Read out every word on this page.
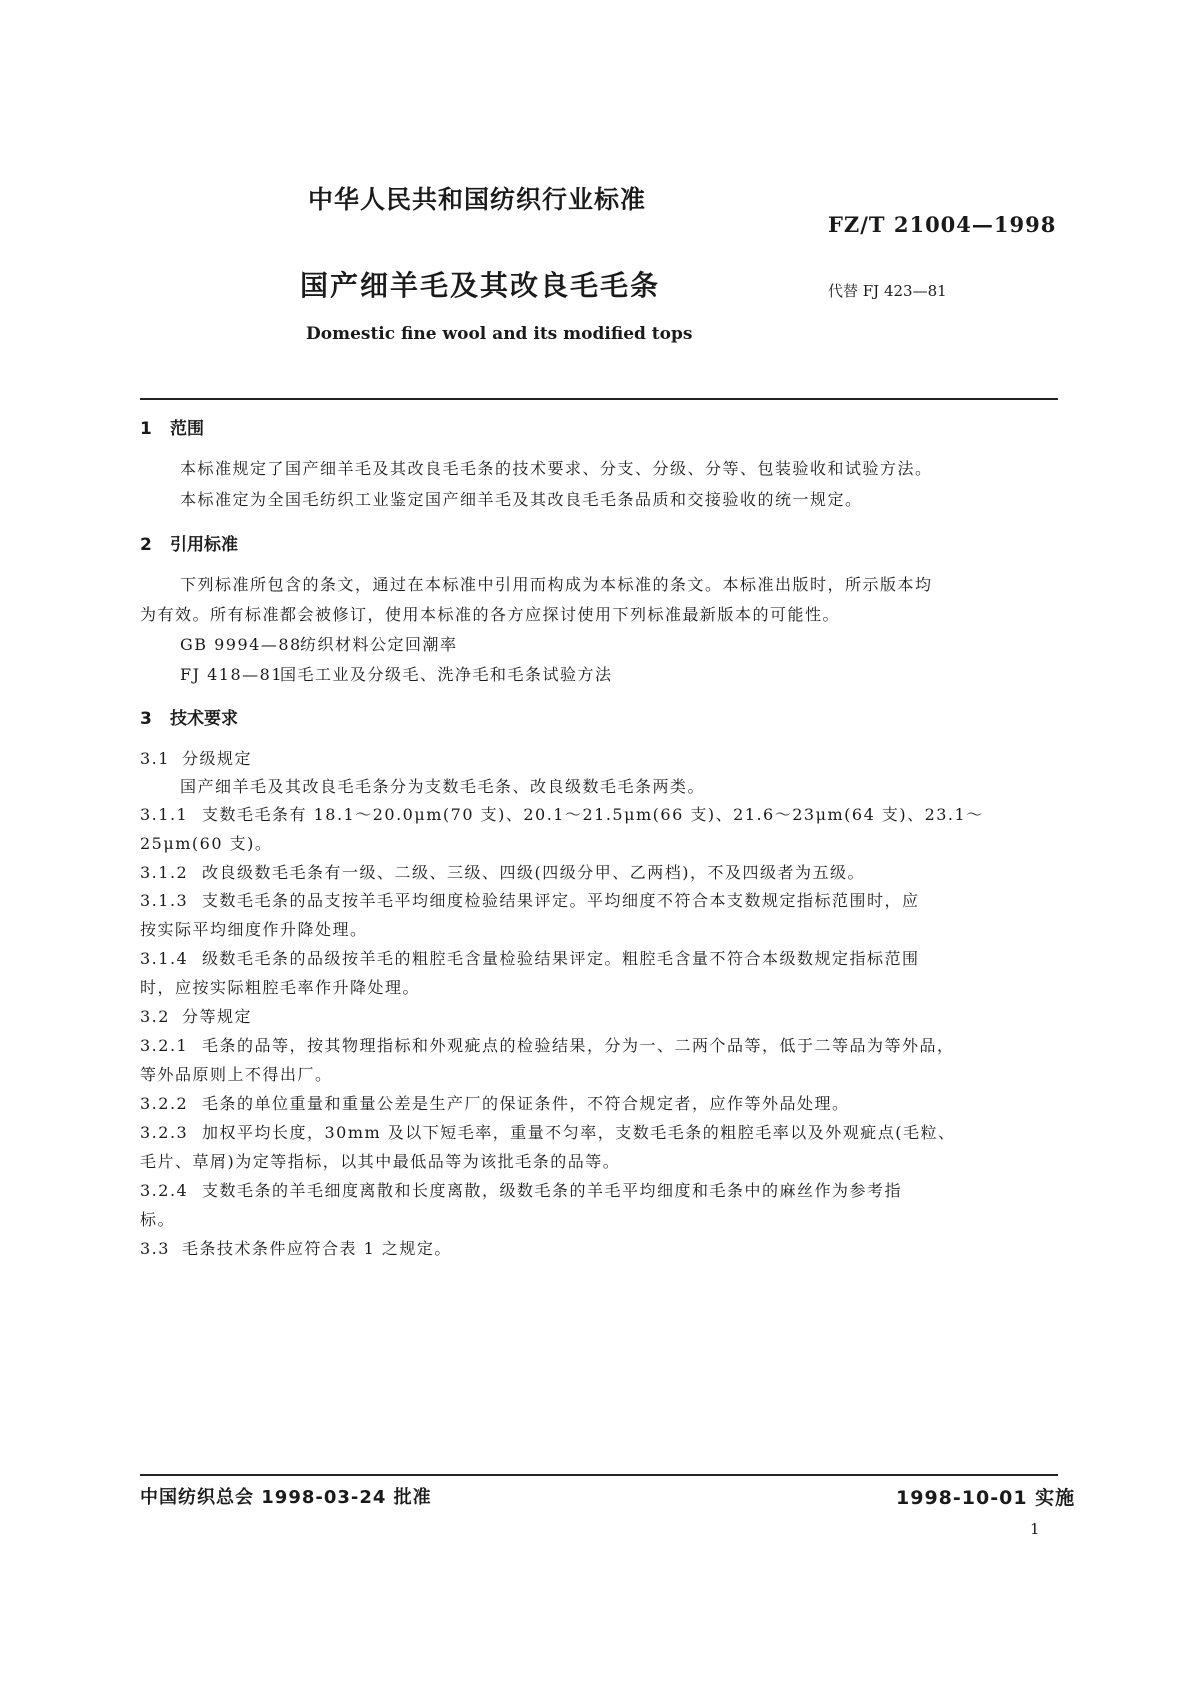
中华人民共和国纺织行业标准
FZ/T 21004—1998
国产细羊毛及其改良毛毛条	代替 FJ 423—81
Domestic fine wool and its modified tops
1 范围
本标准规定了国产细羊毛及其改良毛毛条的技术要求、分支、分级、分等、包装验收和试验方法。
本标准定为全国毛纺织工业鉴定国产细羊毛及其改良毛毛条品质和交接验收的统一规定。
2 引用标准
下列标准所包含的条文，通过在本标准中引用而构成为本标准的条文。本标准出版时，所示版本均
为有效。所有标准都会被修订，使用本标准的各方应探讨使用下列标准最新版本的可能性。
GB 9994—88纺织材料公定回潮率
FJ 418—81国毛工业及分级毛、洗净毛和毛条试验方法
3 技术要求
3.1 分级规定
国产细羊毛及其改良毛毛条分为支数毛毛条、改良级数毛毛条两类。
3.1.1 支数毛毛条有 18.1～20.0μm(70 支)、20.1～21.5μm(66 支)、21.6～23μm(64 支)、23.1～
25μm(60 支)。
3.1.2 改良级数毛毛条有一级、二级、三级、四级(四级分甲、乙两档)，不及四级者为五级。
3.1.3 支数毛毛条的品支按羊毛平均细度检验结果评定。平均细度不符合本支数规定指标范围时，应
按实际平均细度作升降处理。
3.1.4 级数毛毛条的品级按羊毛的粗腔毛含量检验结果评定。粗腔毛含量不符合本级数规定指标范围
时，应按实际粗腔毛率作升降处理。
3.2 分等规定
3.2.1 毛条的品等，按其物理指标和外观疵点的检验结果，分为一、二两个品等，低于二等品为等外品，
等外品原则上不得出厂。
3.2.2 毛条的单位重量和重量公差是生产厂的保证条件，不符合规定者，应作等外品处理。
3.2.3 加权平均长度，30mm 及以下短毛率，重量不匀率，支数毛毛条的粗腔毛率以及外观疵点(毛粒、
毛片、草屑)为定等指标，以其中最低品等为该批毛条的品等。
3.2.4 支数毛条的羊毛细度离散和长度离散，级数毛条的羊毛平均细度和毛条中的麻丝作为参考指
标。
3.3 毛条技术条件应符合表 1 之规定。
中国纺织总会 1998-03-24 批准	1998-10-01 实施
1
